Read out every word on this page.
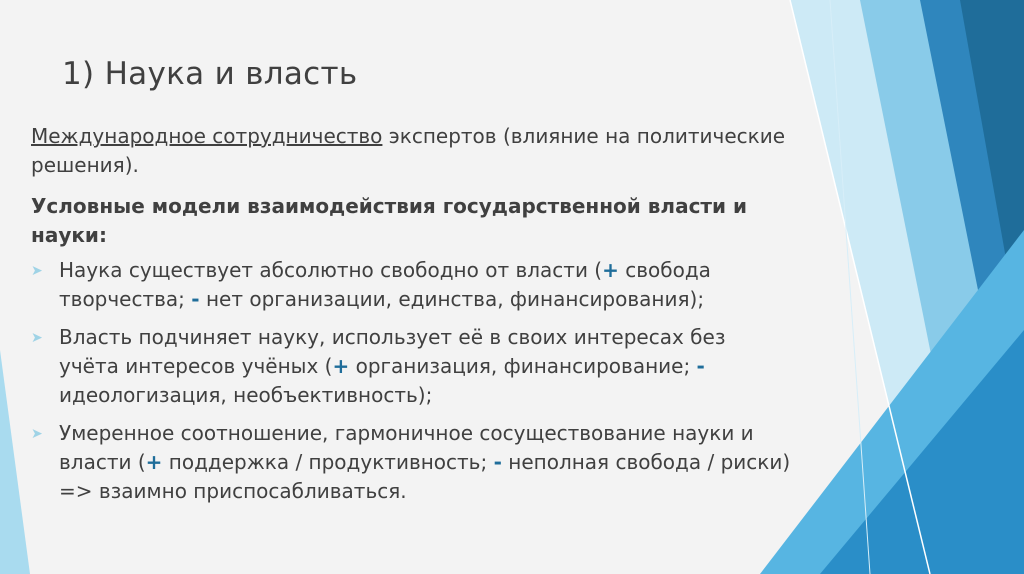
1) Наука и власть

Международное сотрудничество экспертов (влияние на политические решения).

Условные модели взаимодействия государственной власти и науки:

➤ Наука существует абсолютно свободно от власти (+ свобода творчества; - нет организации, единства, финансирования);
➤ Власть подчиняет науку, использует её в своих интересах без учёта интересов учёных (+ организация, финансирование; - идеологизация, необъективность);
➤ Умеренное соотношение, гармоничное сосуществование науки и власти (+ поддержка / продуктивность; - неполная свобода / риски) => взаимно приспосабливаться.
